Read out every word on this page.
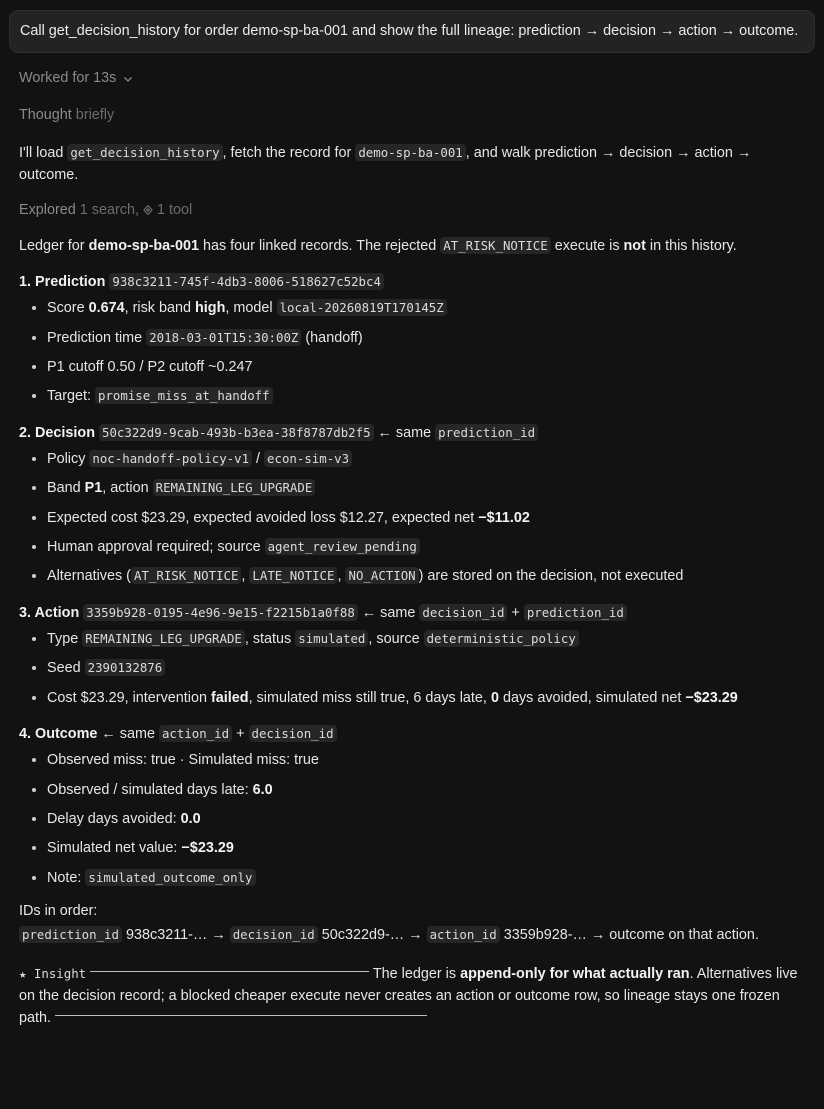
Call get_decision_history for order demo-sp-ba-001 and show the full lineage: prediction → decision → action → outcome.
Worked for 13s

Thought briefly

I'll load get_decision_history , fetch the record for demo-sp-ba-001 , and walk prediction → decision → action → outcome.

Explored 1 search,  1 tool

Ledger for demo-sp-ba-001 has four linked records. The rejected AT_RISK_NOTICE execute is not in this history.

1. Prediction 938c3211-745f-4db3-8006-518627c52bc4
• Score 0.674, risk band high, model local-20260819T170145Z
• Prediction time 2018-03-01T15:30:00Z (handoff)
• P1 cutoff 0.50 / P2 cutoff ~0.247
• Target: promise_miss_at_handoff
2. Decision 50c322d9-9cab-493b-b3ea-38f8787db2f5 ← same prediction_id
• Policy noc-handoff-policy-v1 / econ-sim-v3
• Band P1, action REMAINING_LEG_UPGRADE
• Expected cost $23.29, expected avoided loss $12.27, expected net −$11.02
• Human approval required; source agent_review_pending
• Alternatives ( AT_RISK_NOTICE , LATE_NOTICE , NO_ACTION ) are stored on the decision, not executed
3. Action 3359b928-0195-4e96-9e15-f2215b1a0f88 ← same decision_id + prediction_id
• Type REMAINING_LEG_UPGRADE , status simulated , source deterministic_policy
• Seed 2390132876
• Cost $23.29, intervention failed, simulated miss still true, 6 days late, 0 days avoided, simulated net −$23.29
4. Outcome ← same action_id + decision_id
• Observed miss: true · Simulated miss: true
• Observed / simulated days late: 6.0
• Delay days avoided: 0.0
• Simulated net value: −$23.29
• Note: simulated_outcome_only

IDs in order:

prediction_id 938c3211-… → decision_id 50c322d9-… → action_id 3359b928-… → outcome on that action.

★ Insight	The ledger is append-only for what actually ran. Alternatives live on the decision record; a blocked cheaper execute never creates an action or outcome row, so lineage stays one frozen path.
